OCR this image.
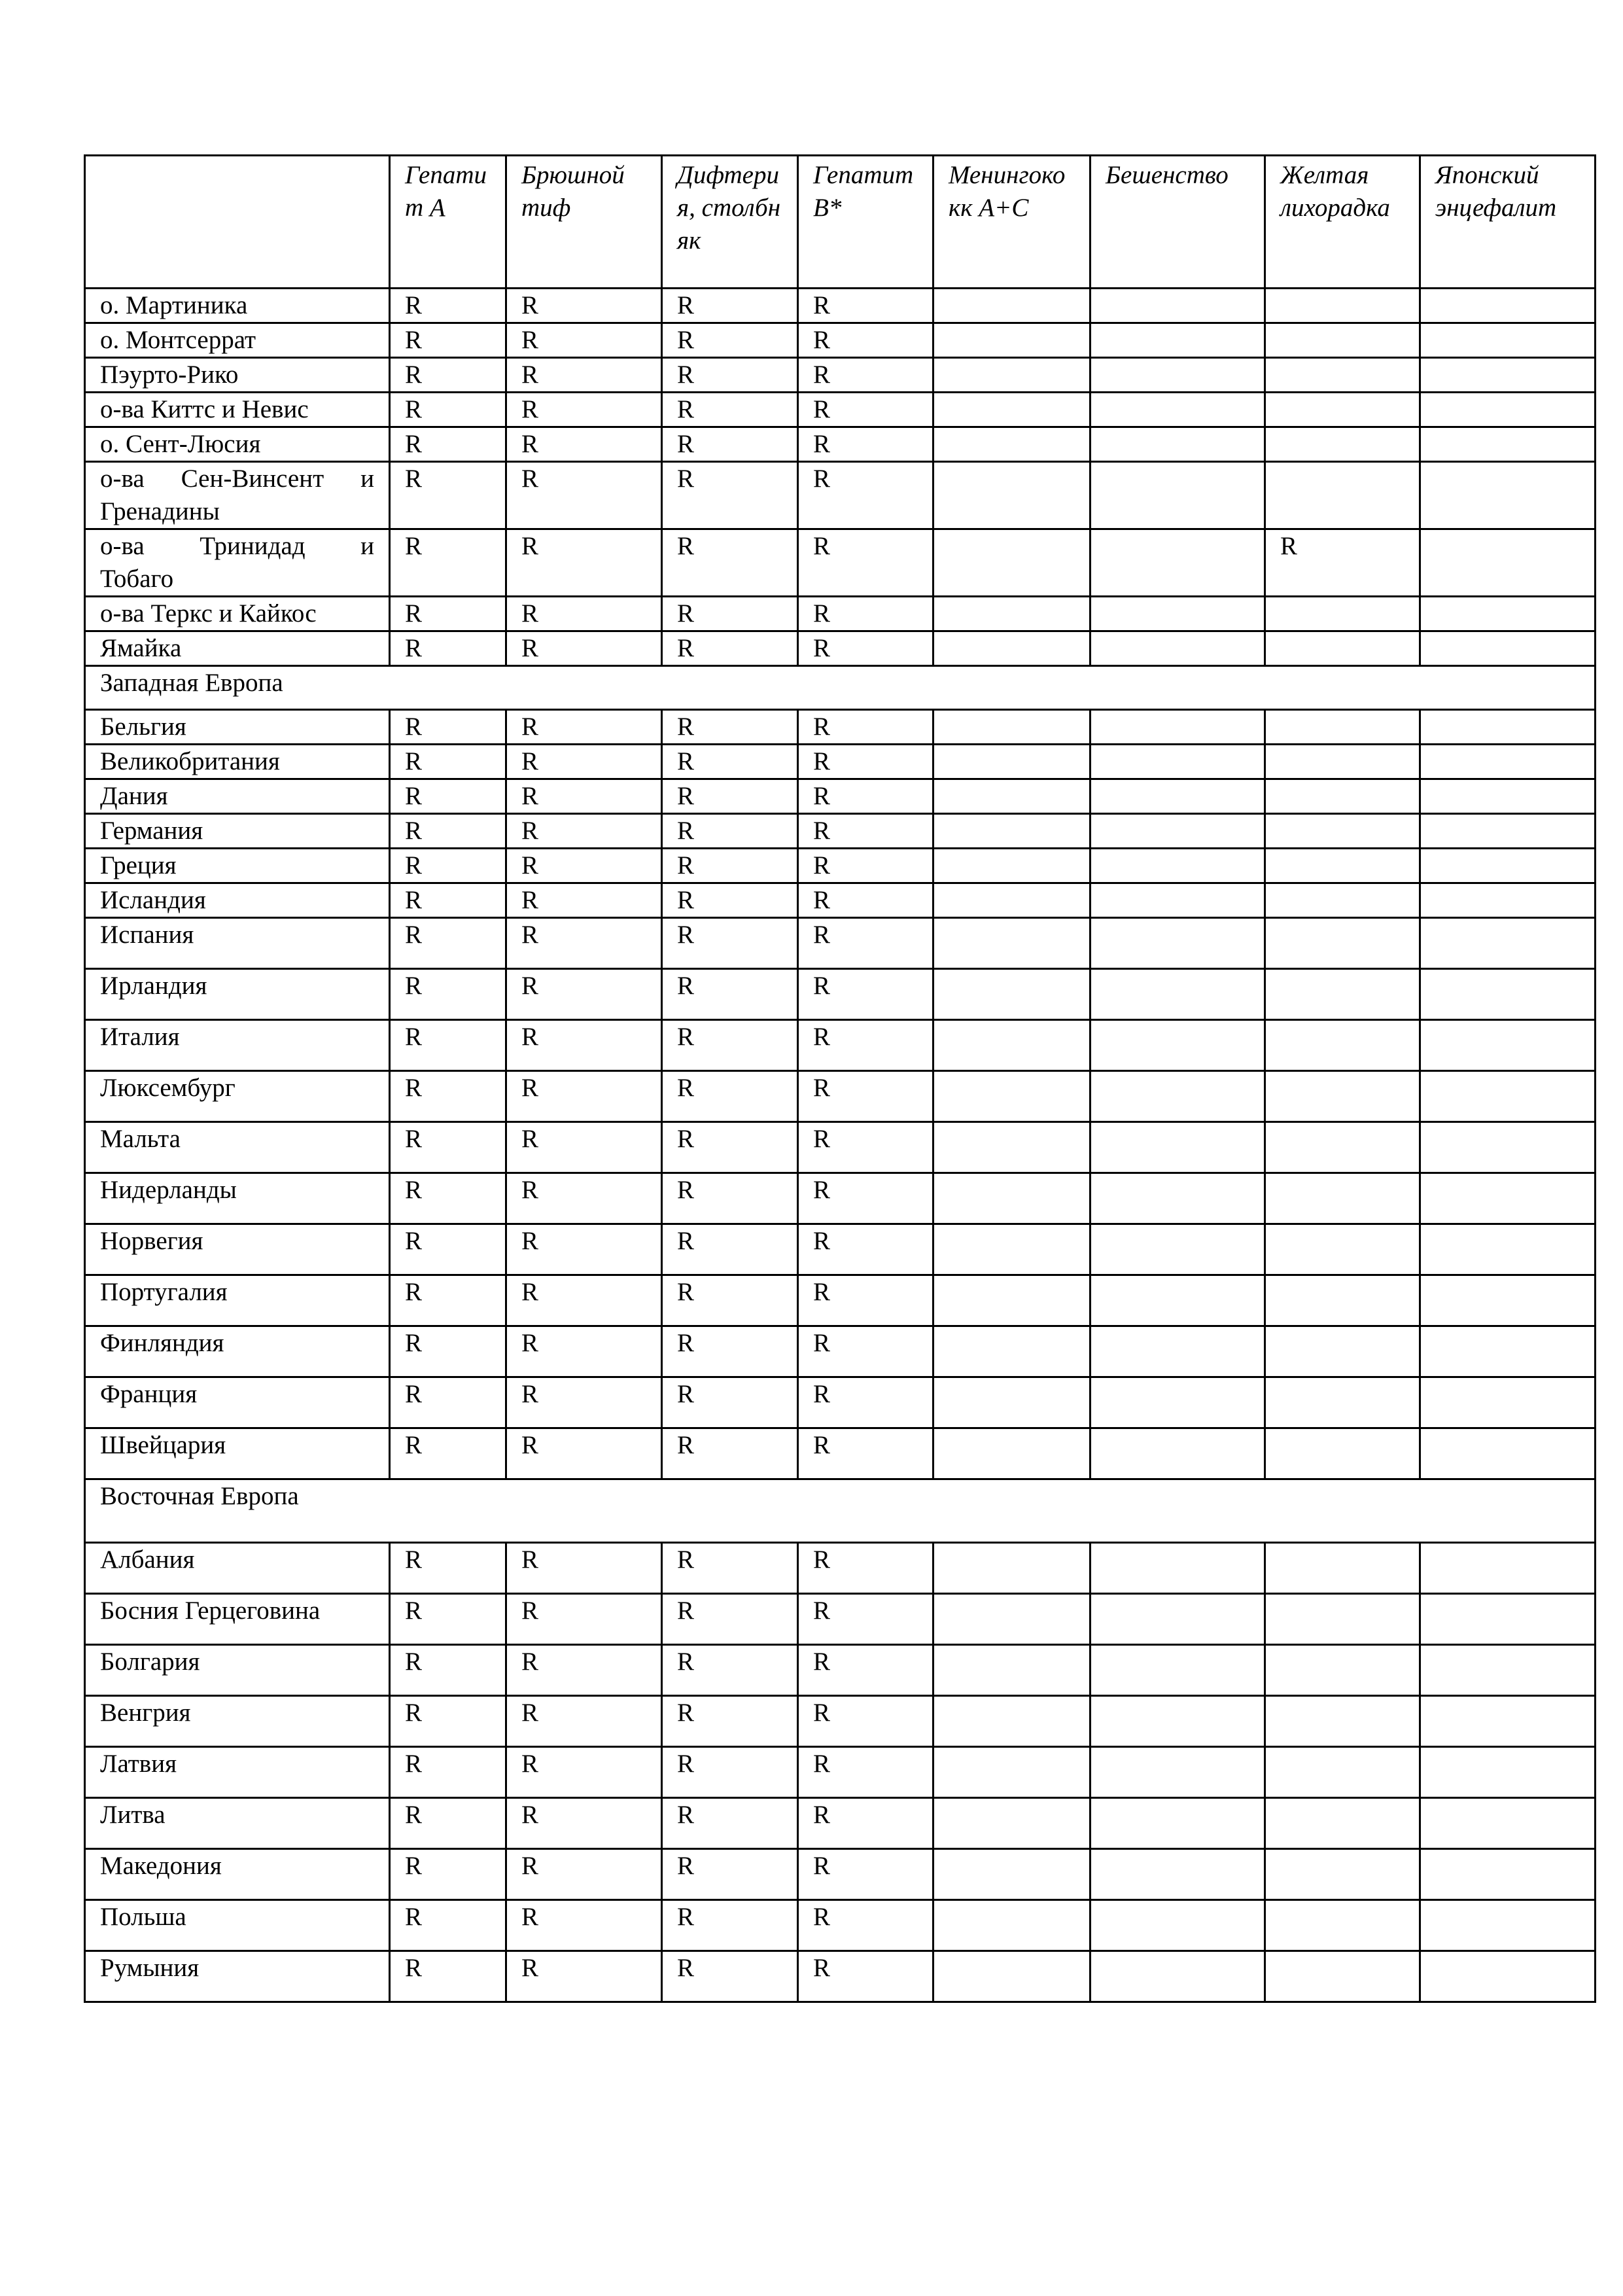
	Гепатит А	Брюшной тиф	Дифтерия, столбняк	Гепатит В*	Менингококк А+С	Бешенство	Желтая лихорадка	Японский энцефалит
о. Мартиника	R	R	R	R				
о. Монтсеррат	R	R	R	R				
Пэурто-Рико	R	R	R	R				
о-ва Киттс и Невис	R	R	R	R				
о. Сент-Люсия	R	R	R	R				

о-ва Сен-Винсент и
Гренадины	R	R	R	R				

о-ва Тринидад и
Тобаго	R	R	R	R			R	
о-ва Теркс и Кайкос	R	R	R	R				
Ямайка	R	R	R	R				
Западная Европа								
Бельгия	R	R	R	R				
Великобритания	R	R	R	R				
Дания	R	R	R	R				
Германия	R	R	R	R				
Греция	R	R	R	R				
Исландия	R	R	R	R				
Испания	R	R	R	R				
Ирландия	R	R	R	R				
Италия	R	R	R	R				
Люксембург	R	R	R	R				
Мальта	R	R	R	R				
Нидерланды	R	R	R	R				
Норвегия	R	R	R	R				
Португалия	R	R	R	R				
Финляндия	R	R	R	R				
Франция	R	R	R	R				
Швейцария	R	R	R	R				
Восточная Европа								
Албания	R	R	R	R				
Босния Герцеговина	R	R	R	R				
Болгария	R	R	R	R				
Венгрия	R	R	R	R				
Латвия	R	R	R	R				
Литва	R	R	R	R				
Македония	R	R	R	R				
Польша	R	R	R	R				
Румыния	R	R	R	R				
